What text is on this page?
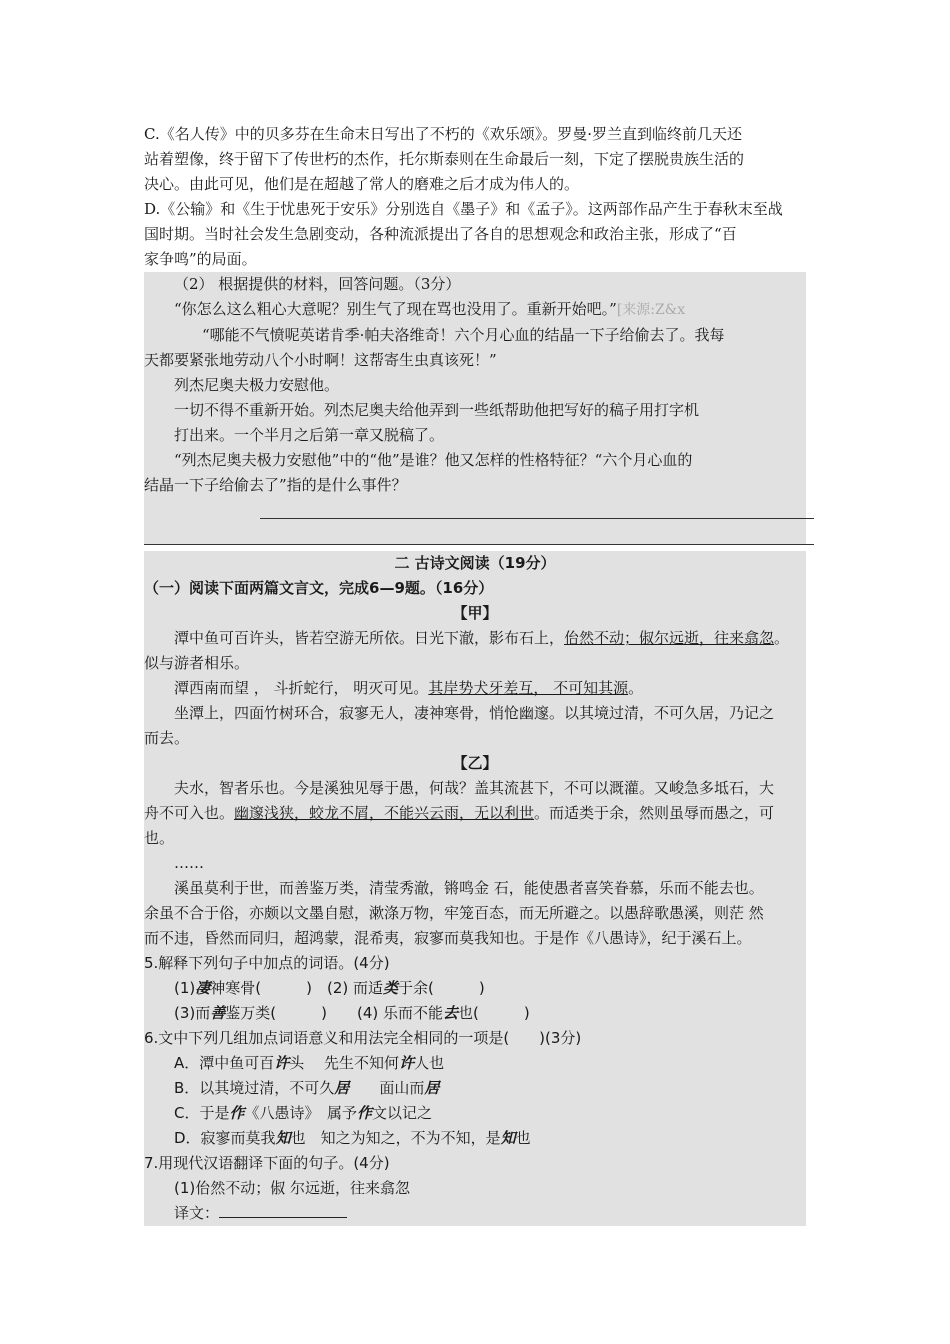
C.《名人传》中的贝多芬在生命末日写出了不朽的《欢乐颂》。罗曼·罗兰直到临终前几天还
站着塑像，终于留下了传世朽的杰作，托尔斯泰则在生命最后一刻，下定了摆脱贵族生活的
决心。由此可见，他们是在超越了常人的磨难之后才成为伟人的。
D.《公输》和《生于忧患死于安乐》分别选自《墨子》和《孟子》。这两部作品产生于春秋末至战
国时期。当时社会发生急剧变动，各种流派提出了各自的思想观念和政治主张，形成了“百
家争鸣”的局面。
（2） 根据提供的材料，回答问题。（3分）
“你怎么这么粗心大意呢？别生气了现在骂也没用了。重新开始吧。”[来源:Z&x
“哪能不气愤呢英诺肯季·帕夫洛维奇！六个月心血的结晶一下子给偷去了。我每
天都要紧张地劳动八个小时啊！这帮寄生虫真该死！”
列杰尼奥夫极力安慰他。
一切不得不重新开始。列杰尼奥夫给他弄到一些纸帮助他把写好的稿子用打字机
打出来。一个半月之后第一章又脱稿了。
“列杰尼奥夫极力安慰他”中的“他”是谁？他又怎样的性格特征？“六个月心血的
结晶一下子给偷去了”指的是什么事件？
二 古诗文阅读（19分）
（一）阅读下面两篇文言文，完成6—9题。（16分）
【甲】
潭中鱼可百许头，皆若空游无所依。日光下澈，影布石上，佁然不动；俶尔远逝，往来翕忽。
似与游者相乐。
潭西南而望 ， 斗折蛇行， 明灭可见。其岸势犬牙差互， 不可知其源。
坐潭上，四面竹树环合，寂寥无人，凄神寒骨，悄怆幽邃。以其境过清，不可久居，乃记之
而去。
【乙】
夫水，智者乐也。今是溪独见辱于愚，何哉？盖其流甚下，不可以溉灌。又峻急多坻石，大
舟不可入也。幽邃浅狭，蛟龙不屑，不能兴云雨，无以利世。而适类于余，然则虽辱而愚之，可
也。
……
溪虽莫利于世，而善鉴万类，清莹秀澈，锵鸣金 石，能使愚者喜笑眷慕，乐而不能去也。
余虽不合于俗，亦颇以文墨自慰，漱涤万物，牢笼百态，而无所避之。以愚辞歌愚溪，则茫 然
而不违，昏然而同归，超鸿蒙，混希夷，寂寥而莫我知也。于是作《八愚诗》，纪于溪石上。
5.解释下列句子中加点的词语。(4分)
(1)凄神寒骨(　　　)　(2) 而适类于余(　　　)
(3)而善鉴万类(　　　)　　(4) 乐而不能去也(　　　)
6.文中下列几组加点词语意义和用法完全相同的一项是(　　)(3分)
A．潭中鱼可百许头　 先生不知何许人也
B．以其境过清，不可久居　　面山而居
C．于是作《八愚诗》　属予作文以记之
D．寂寥而莫我知也　知之为知之，不为不知，是知也
7.用现代汉语翻译下面的句子。(4分)
(1)佁然不动；俶 尔远逝，往来翕忽
译文：
